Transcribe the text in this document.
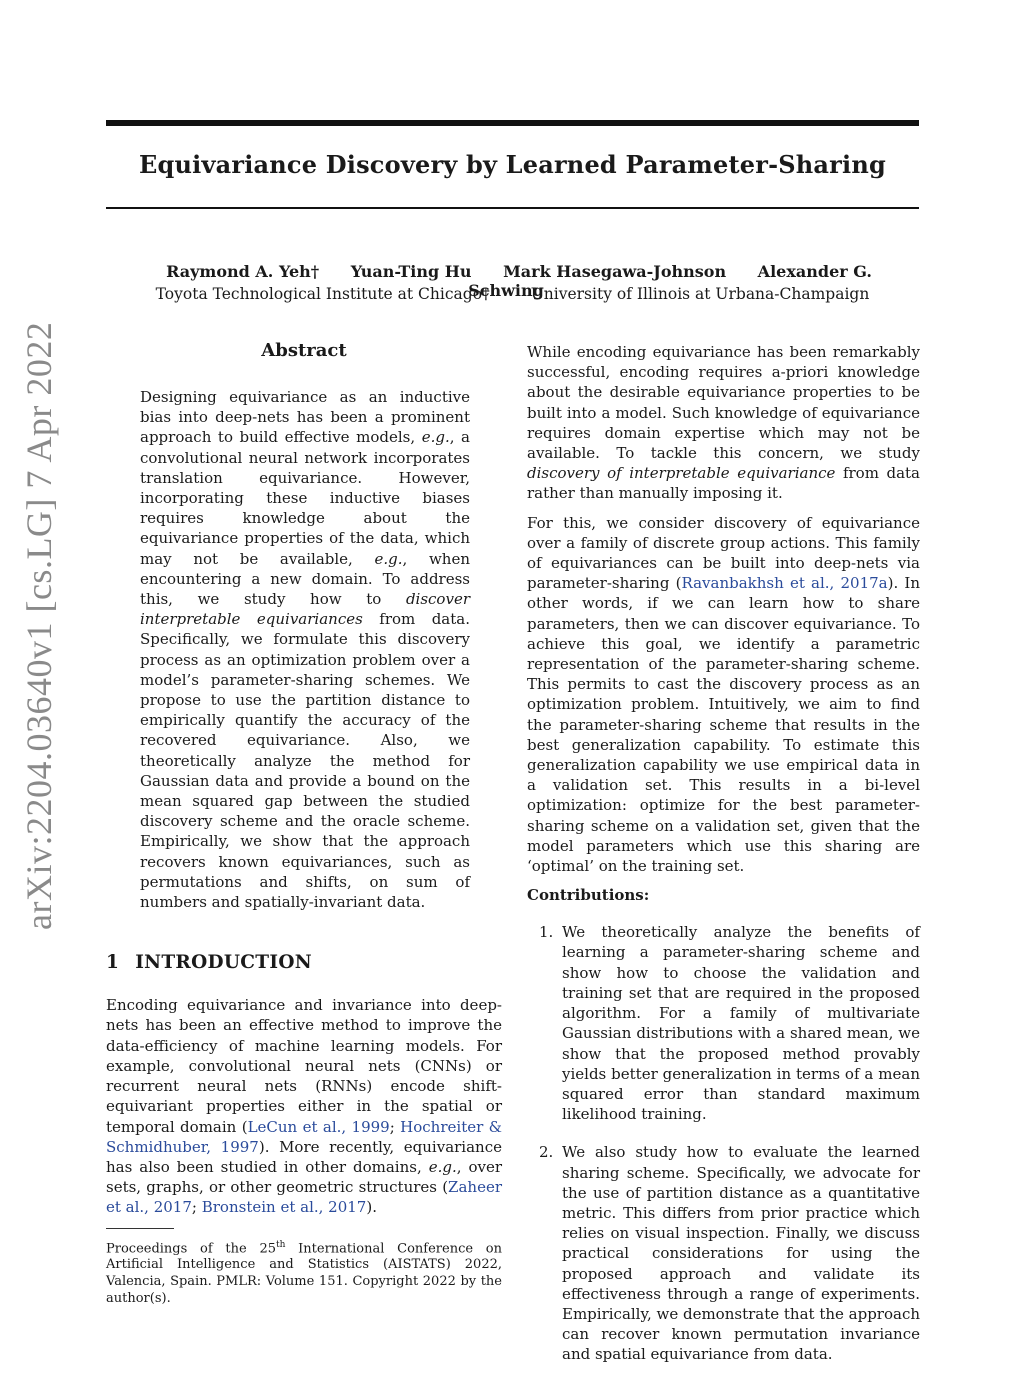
Equivariance Discovery by Learned Parameter-Sharing
Raymond A. Yeh† Yuan-Ting Hu Mark Hasegawa-Johnson Alexander G. Schwing
Toyota Technological Institute at Chicago†	University of Illinois at Urbana-Champaign
arXiv:2204.03640v1 [cs.LG] 7 Apr 2022	Abstract
Designing equivariance as an inductive bias into deep-nets has been a prominent approach to build effective models, e.g., a convolutional neural network incorporates translation equivariance. However, incorporating these inductive biases requires knowledge about the equivariance properties of the data, which may not be available, e.g., when encountering a new domain. To address this, we study how to discover interpretable equivariances from data. Specifically, we formulate this discovery process as an optimization problem over a model’s parameter-sharing schemes. We propose to use the partition distance to empirically quantify the accuracy of the recovered equivariance. Also, we theoretically analyze the method for Gaussian data and provide a bound on the mean squared gap between the studied discovery scheme and the oracle scheme. Empirically, we show that the approach recovers known equivariances, such as permutations and shifts, on sum of numbers and spatially-invariant data.
1 INTRODUCTION

Encoding equivariance and invariance into deep-nets has been an effective method to improve the data-efficiency of machine learning models. For example, convolutional neural nets (CNNs) or recurrent neural nets (RNNs) encode shift-equivariant properties either in the spatial or temporal domain (LeCun et al., 1999; Hochreiter & Schmidhuber, 1997). More recently, equivariance has also been studied in other domains, e.g., over sets, graphs, or other geometric structures (Zaheer et al., 2017; Bronstein et al., 2017).

Proceedings of the 25th International Conference on Artificial Intelligence and Statistics (AISTATS) 2022, Valencia, Spain. PMLR: Volume 151. Copyright 2022 by the author(s).

While encoding equivariance has been remarkably successful, encoding requires a-priori knowledge about the desirable equivariance properties to be built into a model. Such knowledge of equivariance requires domain expertise which may not be available. To tackle this concern, we study discovery of interpretable equivariance from data rather than manually imposing it.

For this, we consider discovery of equivariance over a family of discrete group actions. This family of equivariances can be built into deep-nets via parameter-sharing (Ravanbakhsh et al., 2017a). In other words, if we can learn how to share parameters, then we can discover equivariance. To achieve this goal, we identify a parametric representation of the parameter-sharing scheme. This permits to cast the discovery process as an optimization problem. Intuitively, we aim to find the parameter-sharing scheme that results in the best generalization capability. To estimate this generalization capability we use empirical data in a validation set. This results in a bi-level optimization: optimize for the best parameter-sharing scheme on a validation set, given that the model parameters which use this sharing are ‘optimal’ on the training set.

Contributions:
1. We theoretically analyze the benefits of learning a parameter-sharing scheme and show how to choose the validation and training set that are required in the proposed algorithm. For a family of multivariate Gaussian distributions with a shared mean, we show that the proposed method provably yields better generalization in terms of a mean squared error than standard maximum likelihood training.
2. We also study how to evaluate the learned sharing scheme. Specifically, we advocate for the use of partition distance as a quantitative metric. This differs from prior practice which relies on visual inspection. Finally, we discuss practical considerations for using the proposed approach and validate its effectiveness through a range of experiments. Empirically, we demonstrate that the approach can recover known permutation invariance and spatial equivariance from data.
